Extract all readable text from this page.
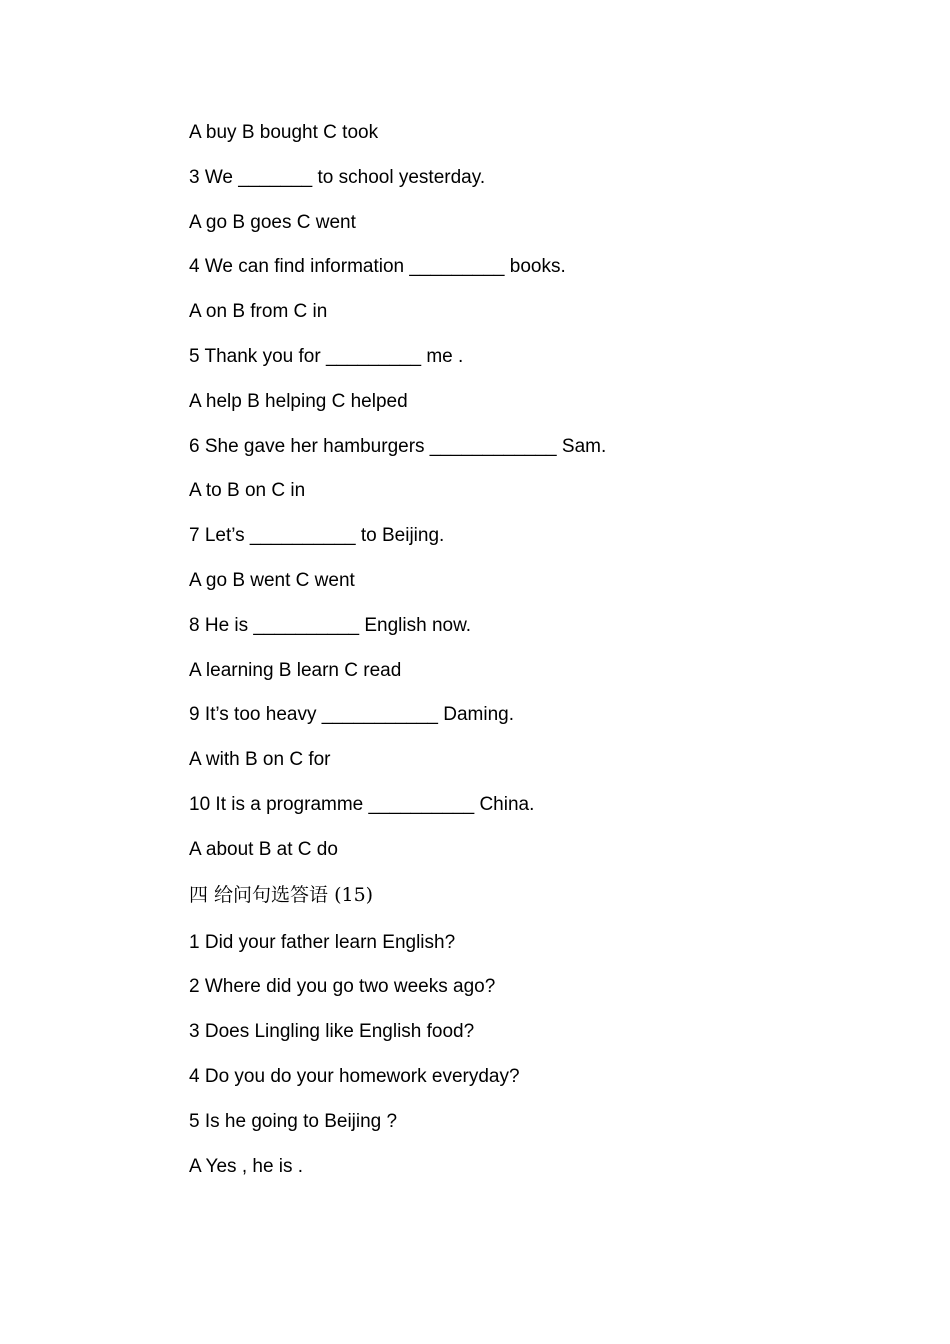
A buy B bought C took
3 We _______ to school yesterday.
A go B goes C went
4 We can find information _________ books.
A on B from C in
5 Thank you for _________ me .
A help B helping C helped
6 She gave her hamburgers ____________ Sam.
A to B on C in
7 Let’s __________ to Beijing.
A go B went C went
8 He is __________ English now.
A learning B learn C read
9 It’s too heavy ___________ Daming.
A with B on C for
10 It is a programme __________ China.
A about B at C do
四 给问句选答语 (15)
1 Did your father learn English?
2 Where did you go two weeks ago?
3 Does Lingling like English food?
4 Do you do your homework everyday?
5 Is he going to Beijing ?
A Yes , he is .
